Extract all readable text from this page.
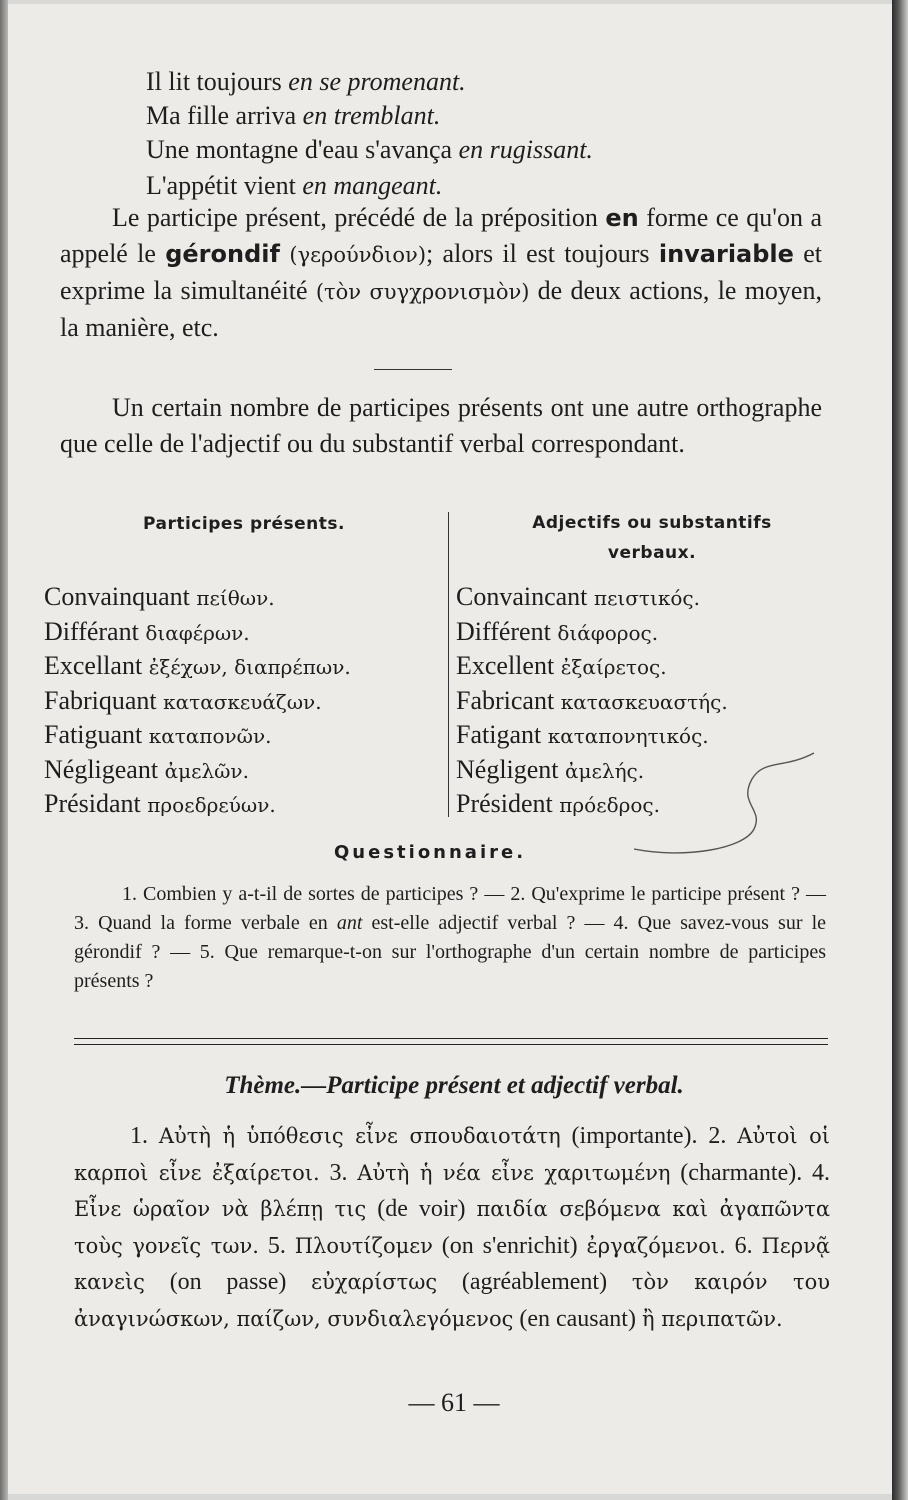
Il lit toujours en se promenant.
Ma fille arriva en tremblant.
Une montagne d'eau s'avança en rugissant.
L'appétit vient en mangeant.
Le participe présent, précédé de la préposition en forme ce qu'on a appelé le gérondif (γερούνδιον); alors il est toujours invariable et exprime la simultanéité (τὸν συγχρονισμὸν) de deux actions, le moyen, la manière, etc.
Un certain nombre de participes présents ont une autre orthographe que celle de l'adjectif ou du substantif verbal correspondant.
Participes présents.	Adjectifs ou substantifs verbaux.
Convainquant πείθων.	Convaincant πειστικός.
Différant διαφέρων.	Différent διάφορος.
Excellant ἐξέχων, διαπρέπων.	Excellent ἐξαίρετος.
Fabriquant κατασκευάζων.	Fabricant κατασκευαστής.
Fatiguant καταπονῶν.	Fatigant καταπονητικός.
Négligeant ἀμελῶν.	Négligent ἀμελής.
Présidant προεδρεύων.	Président πρόεδρος.
Questionnaire.
1. Combien y a-t-il de sortes de participes ? — 2. Qu'exprime le participe présent ? — 3. Quand la forme verbale en ant est-elle adjectif verbal ? — 4. Que savez-vous sur le gérondif ? — 5. Que remarque-t-on sur l'orthographe d'un certain nombre de participes présents ?
Thème.—Participe présent et adjectif verbal.
1. Αὐτὴ ἡ ὑπόθεσις εἶνε σπουδαιοτάτη (importante). 2. Αὐτοὶ οἱ καρποὶ εἶνε ἐξαίρετοι. 3. Αὐτὴ ἡ νέα εἶνε χαριτωμένη (charmante). 4. Εἶνε ὡραῖον νὰ βλέπῃ τις (de voir) παιδία σεβόμενα καὶ ἀγαπῶντα τοὺς γονεῖς των. 5. Πλουτίζομεν (on s'enrichit) ἐργαζόμενοι. 6. Περνᾷ κανεὶς (on passe) εὐχαρίστως (agréablement) τὸν καιρόν του ἀναγινώσκων, παίζων, συνδιαλεγόμενος (en causant) ἢ περιπατῶν.
— 61 —
